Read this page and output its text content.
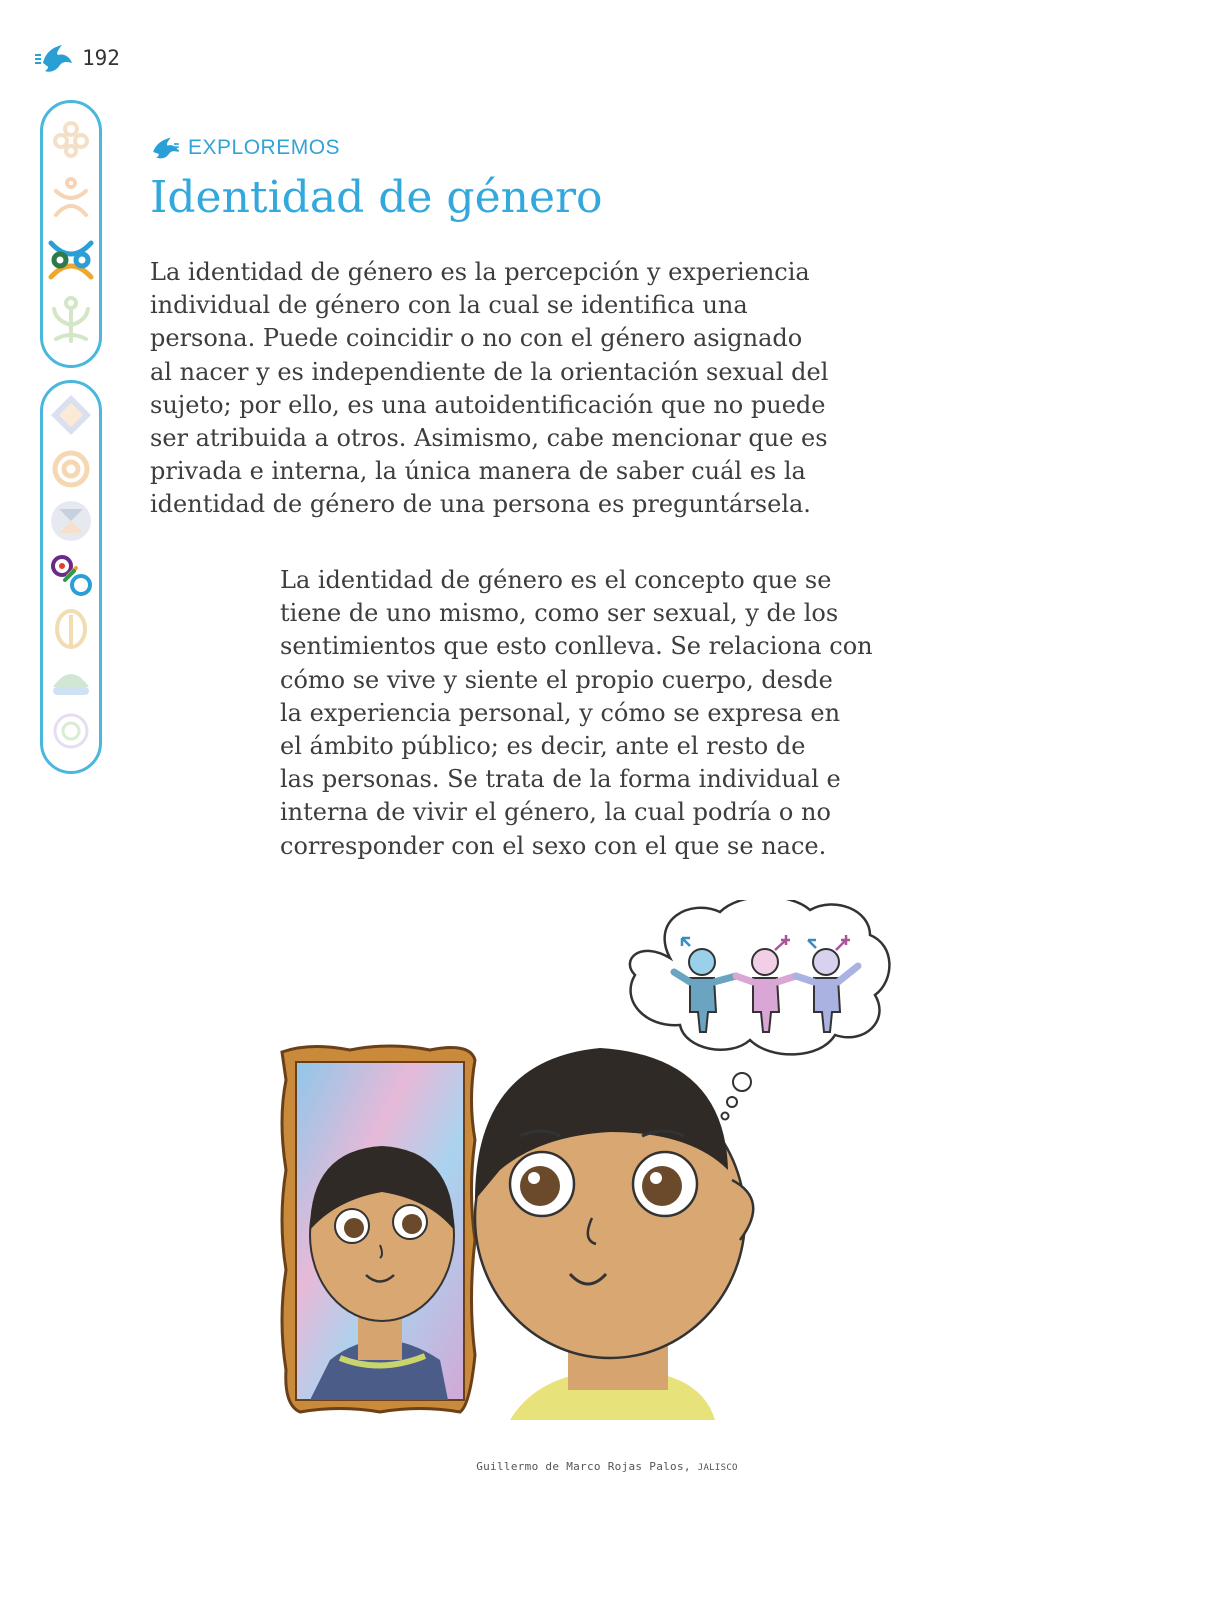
192
EXPLOREMOS
Identidad de género
La identidad de género es la percepción y experiencia
individual de género con la cual se identifica una
persona. Puede coincidir o no con el género asignado
al nacer y es independiente de la orientación sexual del
sujeto; por ello, es una autoidentificación que no puede
ser atribuida a otros. Asimismo, cabe mencionar que es
privada e interna, la única manera de saber cuál es la
identidad de género de una persona es preguntársela.
La identidad de género es el concepto que se
tiene de uno mismo, como ser sexual, y de los
sentimientos que esto conlleva. Se relaciona con
cómo se vive y siente el propio cuerpo, desde
la experiencia personal, y cómo se expresa en
el ámbito público; es decir, ante el resto de
las personas. Se trata de la forma individual e
interna de vivir el género, la cual podría o no
corresponder con el sexo con el que se nace.
Guillermo de Marco Rojas Palos, JALISCO
